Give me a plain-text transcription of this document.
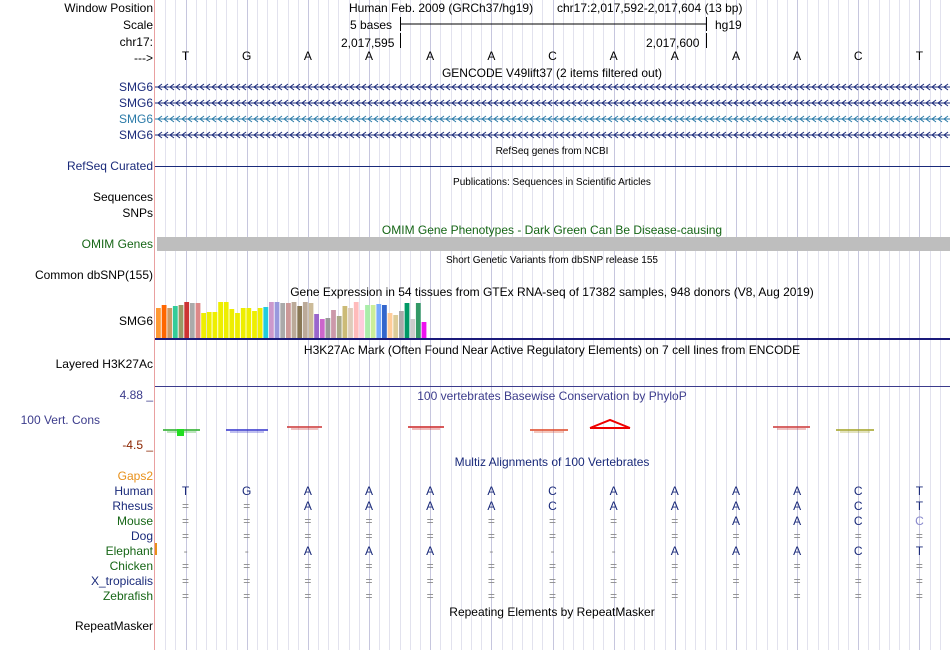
Window Position
Scale
chr17:
--->
Human Feb. 2009 (GRCh37/hg19) chr17:2,017,592-2,017,604 (13 bp)
5 bases	hg19
2,017,595	2,017,600
T	G	A	A	A	A	C	A	A	A	A	C	T
Human T	G	A	A	A	A	C	A	A	A	A	C	T
Rhesus =	=	A	A	A	A	C	A	A	A	A	C	T
Mouse =	=	=	=	=	=	=	=	=	A	A	C	C
Dog =	=	=	=	=	=	=	=	=	=	=	=	=
Elephant	-	-	A	A	A	-	-	-	A	A	A	C	T
Chicken =	=	=	=	=	=	=	=	=	=	=	=	=
X_tropicalis =	=	=	=	=	=	=	=	=	=	=	=	=
Zebrafish =	=	=	=	=	=	=	=	=	=	=	=	=
SMG6
SMG6
SMG6
SMG6
RefSeq Curated
Sequences
SNPs
OMIM Genes
Common dbSNP(155)
SMG6
Layered H3K27Ac
4.88 _
100 Vert. Cons
-4.5 _
Gaps2
RepeatMasker
GENCODE V49lift37 (2 items filtered out)
RefSeq genes from NCBI
Publications: Sequences in Scientific Articles
OMIM Gene Phenotypes - Dark Green Can Be Disease-causing
Short Genetic Variants from dbSNP release 155
Gene Expression in 54 tissues from GTEx RNA-seq of 17382 samples, 948 donors (V8, Aug 2019)
H3K27Ac Mark (Often Found Near Active Regulatory Elements) on 7 cell lines from ENCODE
100 vertebrates Basewise Conservation by PhyloP
Multiz Alignments of 100 Vertebrates
Repeating Elements by RepeatMasker
